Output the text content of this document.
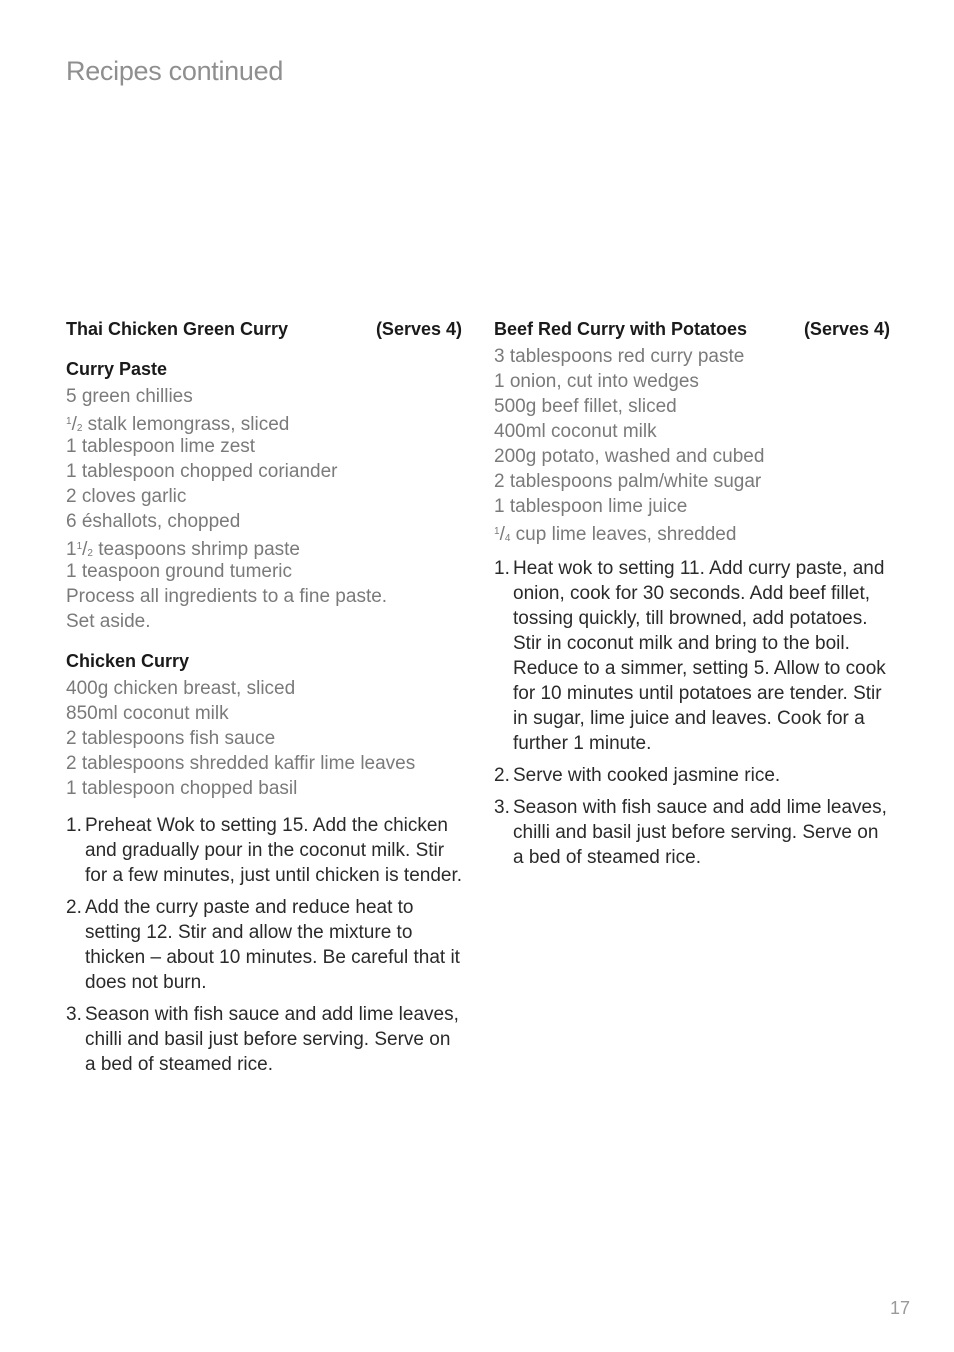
Recipes continued
Thai Chicken Green Curry	(Serves 4)
Curry Paste
5 green chillies
$^1/_2$ stalk lemongrass, sliced
1 tablespoon lime zest
1 tablespoon chopped coriander
2 cloves garlic
6 éshallots, chopped
$1^1/_2$ teaspoons shrimp paste
1 teaspoon ground tumeric
Process all ingredients to a fine paste.
Set aside.
Chicken Curry
400g chicken breast, sliced
850ml coconut milk
2 tablespoons fish sauce
2 tablespoons shredded kaffir lime leaves
1 tablespoon chopped basil
1. Preheat Wok to setting 15. Add the chicken and gradually pour in the coconut milk. Stir for a few minutes, just until chicken is tender.
2. Add the curry paste and reduce heat to setting 12. Stir and allow the mixture to thicken – about 10 minutes. Be careful that it does not burn.
3. Season with fish sauce and add lime leaves, chilli and basil just before serving. Serve on a bed of steamed rice.
Beef Red Curry with Potatoes	(Serves 4)
3 tablespoons red curry paste
1 onion, cut into wedges
500g beef fillet, sliced
400ml coconut milk
200g potato, washed and cubed
2 tablespoons palm/white sugar
1 tablespoon lime juice
$^1/_4$ cup lime leaves, shredded
1. Heat wok to setting 11. Add curry paste, and onion, cook for 30 seconds. Add beef fillet, tossing quickly, till browned, add potatoes. Stir in coconut milk and bring to the boil. Reduce to a simmer, setting 5. Allow to cook for 10 minutes until potatoes are tender. Stir in sugar, lime juice and leaves. Cook for a further 1 minute.
2. Serve with cooked jasmine rice.
3. Season with fish sauce and add lime leaves, chilli and basil just before serving. Serve on a bed of steamed rice.
17
